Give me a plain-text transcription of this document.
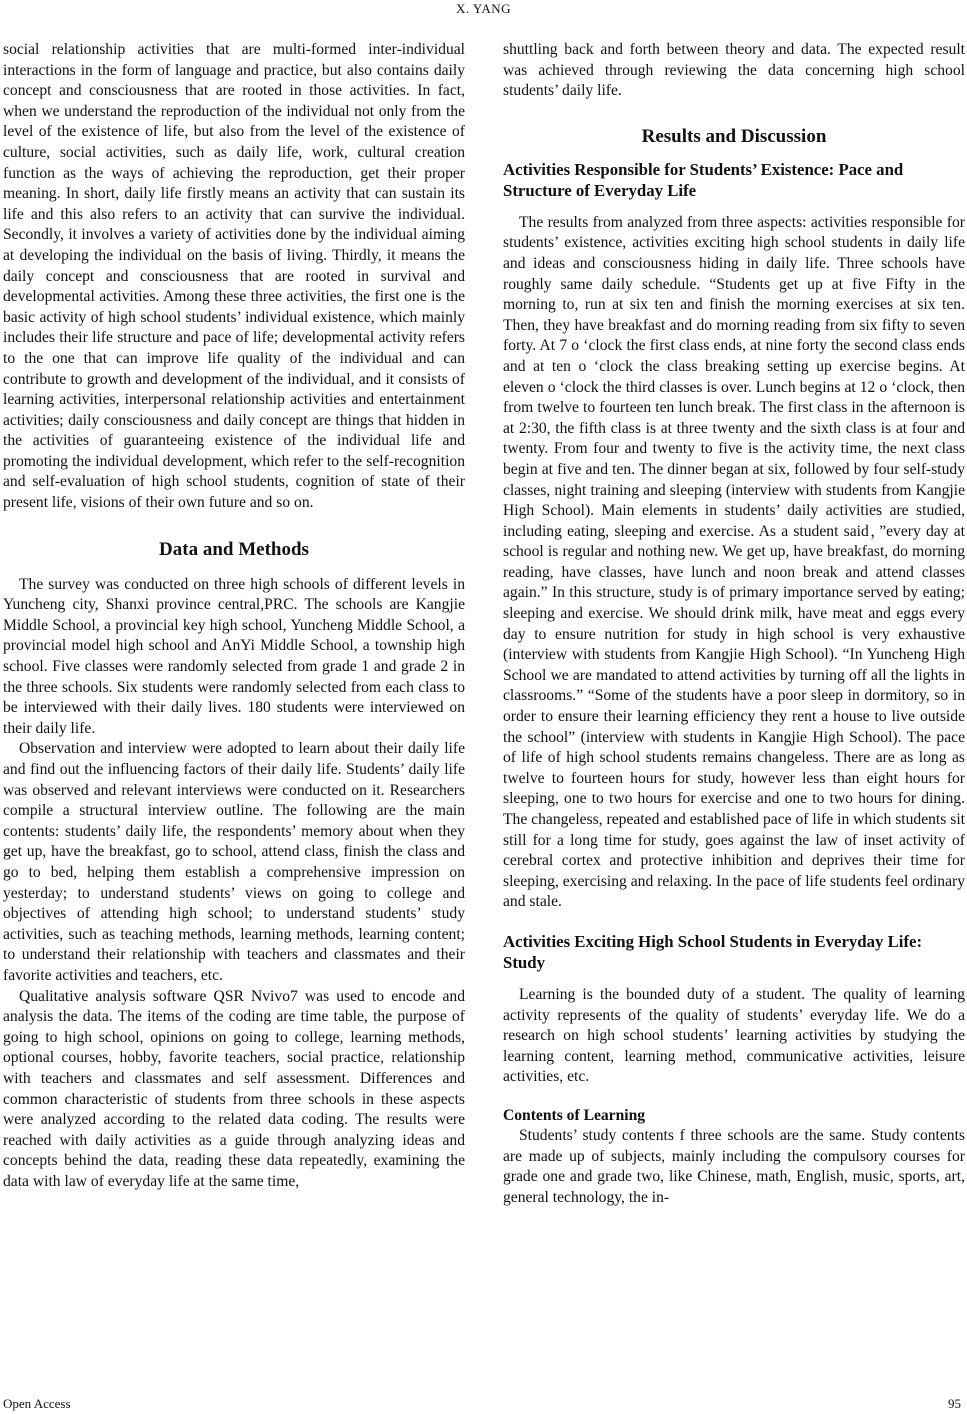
X. YANG

social relationship activities that are multi-formed inter-individual interactions in the form of language and practice, but also contains daily concept and consciousness that are rooted in those activities. In fact, when we understand the reproduction of the individual not only from the level of the existence of life, but also from the level of the existence of culture, social activities, such as daily life, work, cultural creation function as the ways of achieving the reproduction, get their proper meaning. In short, daily life firstly means an activity that can sustain its life and this also refers to an activity that can survive the individual. Secondly, it involves a variety of activities done by the individual aiming at developing the individual on the basis of living. Thirdly, it means the daily concept and consciousness that are rooted in survival and developmental activities. Among these three activities, the first one is the basic activity of high school students’ individual existence, which mainly includes their life structure and pace of life; developmental activity refers to the one that can improve life quality of the individual and can contribute to growth and development of the individual, and it consists of learning activities, interpersonal relationship activities and entertainment activities; daily consciousness and daily concept are things that hidden in the activities of guaranteeing existence of the individual life and promoting the individual development, which refer to the self-recognition and self-evaluation of high school students, cognition of state of their present life, visions of their own future and so on.

Data and Methods

The survey was conducted on three high schools of different levels in Yuncheng city, Shanxi province central,PRC. The schools are Kangjie Middle School, a provincial key high school, Yuncheng Middle School, a provincial model high school and AnYi Middle School, a township high school. Five classes were randomly selected from grade 1 and grade 2 in the three schools. Six students were randomly selected from each class to be interviewed with their daily lives. 180 students were interviewed on their daily life.

Observation and interview were adopted to learn about their daily life and find out the influencing factors of their daily life. Students’ daily life was observed and relevant interviews were conducted on it. Researchers compile a structural interview outline. The following are the main contents: students’ daily life, the respondents’ memory about when they get up, have the breakfast, go to school, attend class, finish the class and go to bed, helping them establish a comprehensive impression on yesterday; to understand students’ views on going to college and objectives of attending high school; to understand students’ study activities, such as teaching methods, learning methods, learning content; to understand their relationship with teachers and classmates and their favorite activities and teachers, etc.

Qualitative analysis software QSR Nvivo7 was used to encode and analysis the data. The items of the coding are time table, the purpose of going to high school, opinions on going to college, learning methods, optional courses, hobby, favorite teachers, social practice, relationship with teachers and classmates and self assessment. Differences and common characteristic of students from three schools in these aspects were analyzed according to the related data coding. The results were reached with daily activities as a guide through analyzing ideas and concepts behind the data, reading these data repeatedly, examining the data with law of everyday life at the same time,

shuttling back and forth between theory and data. The expected result was achieved through reviewing the data concerning high school students’ daily life.

Results and Discussion
Activities Responsible for Students’ Existence: Pace and Structure of Everyday Life

The results from analyzed from three aspects: activities responsible for students’ existence, activities exciting high school students in daily life and ideas and consciousness hiding in daily life. Three schools have roughly same daily schedule. “Students get up at five Fifty in the morning to, run at six ten and finish the morning exercises at six ten. Then, they have breakfast and do morning reading from six fifty to seven forty. At 7 o ‘clock the first class ends, at nine forty the second class ends and at ten o ‘clock the class breaking setting up exercise begins. At eleven o ‘clock the third classes is over. Lunch begins at 12 o ‘clock, then from twelve to fourteen ten lunch break. The first class in the afternoon is at 2:30, the fifth class is at three twenty and the sixth class is at four and twenty. From four and twenty to five is the activity time, the next class begin at five and ten. The dinner began at six, followed by four self-study classes, night training and sleeping (interview with students from Kangjie High School). Main elements in students’ daily activities are studied, including eating, sleeping and exercise. As a student said，”every day at school is regular and nothing new. We get up, have breakfast, do morning reading, have classes, have lunch and noon break and attend classes again.” In this structure, study is of primary importance served by eating; sleeping and exercise. We should drink milk, have meat and eggs every day to ensure nutrition for study in high school is very exhaustive (interview with students from Kangjie High School). “In Yuncheng High School we are mandated to attend activities by turning off all the lights in classrooms.” “Some of the students have a poor sleep in dormitory, so in order to ensure their learning efficiency they rent a house to live outside the school” (interview with students in Kangjie High School). The pace of life of high school students remains changeless. There are as long as twelve to fourteen hours for study, however less than eight hours for sleeping, one to two hours for exercise and one to two hours for dining. The changeless, repeated and established pace of life in which students sit still for a long time for study, goes against the law of inset activity of cerebral cortex and protective inhibition and deprives their time for sleeping, exercising and relaxing. In the pace of life students feel ordinary and stale.

Activities Exciting High School Students in Everyday Life: Study

Learning is the bounded duty of a student. The quality of learning activity represents of the quality of students’ everyday life. We do a research on high school students’ learning activities by studying the learning content, learning method, communicative activities, leisure activities, etc.

Contents of Learning

Students’ study contents f three schools are the same. Study contents are made up of subjects, mainly including the compulsory courses for grade one and grade two, like Chinese, math, English, music, sports, art, general technology, the in-

Open Access	95
